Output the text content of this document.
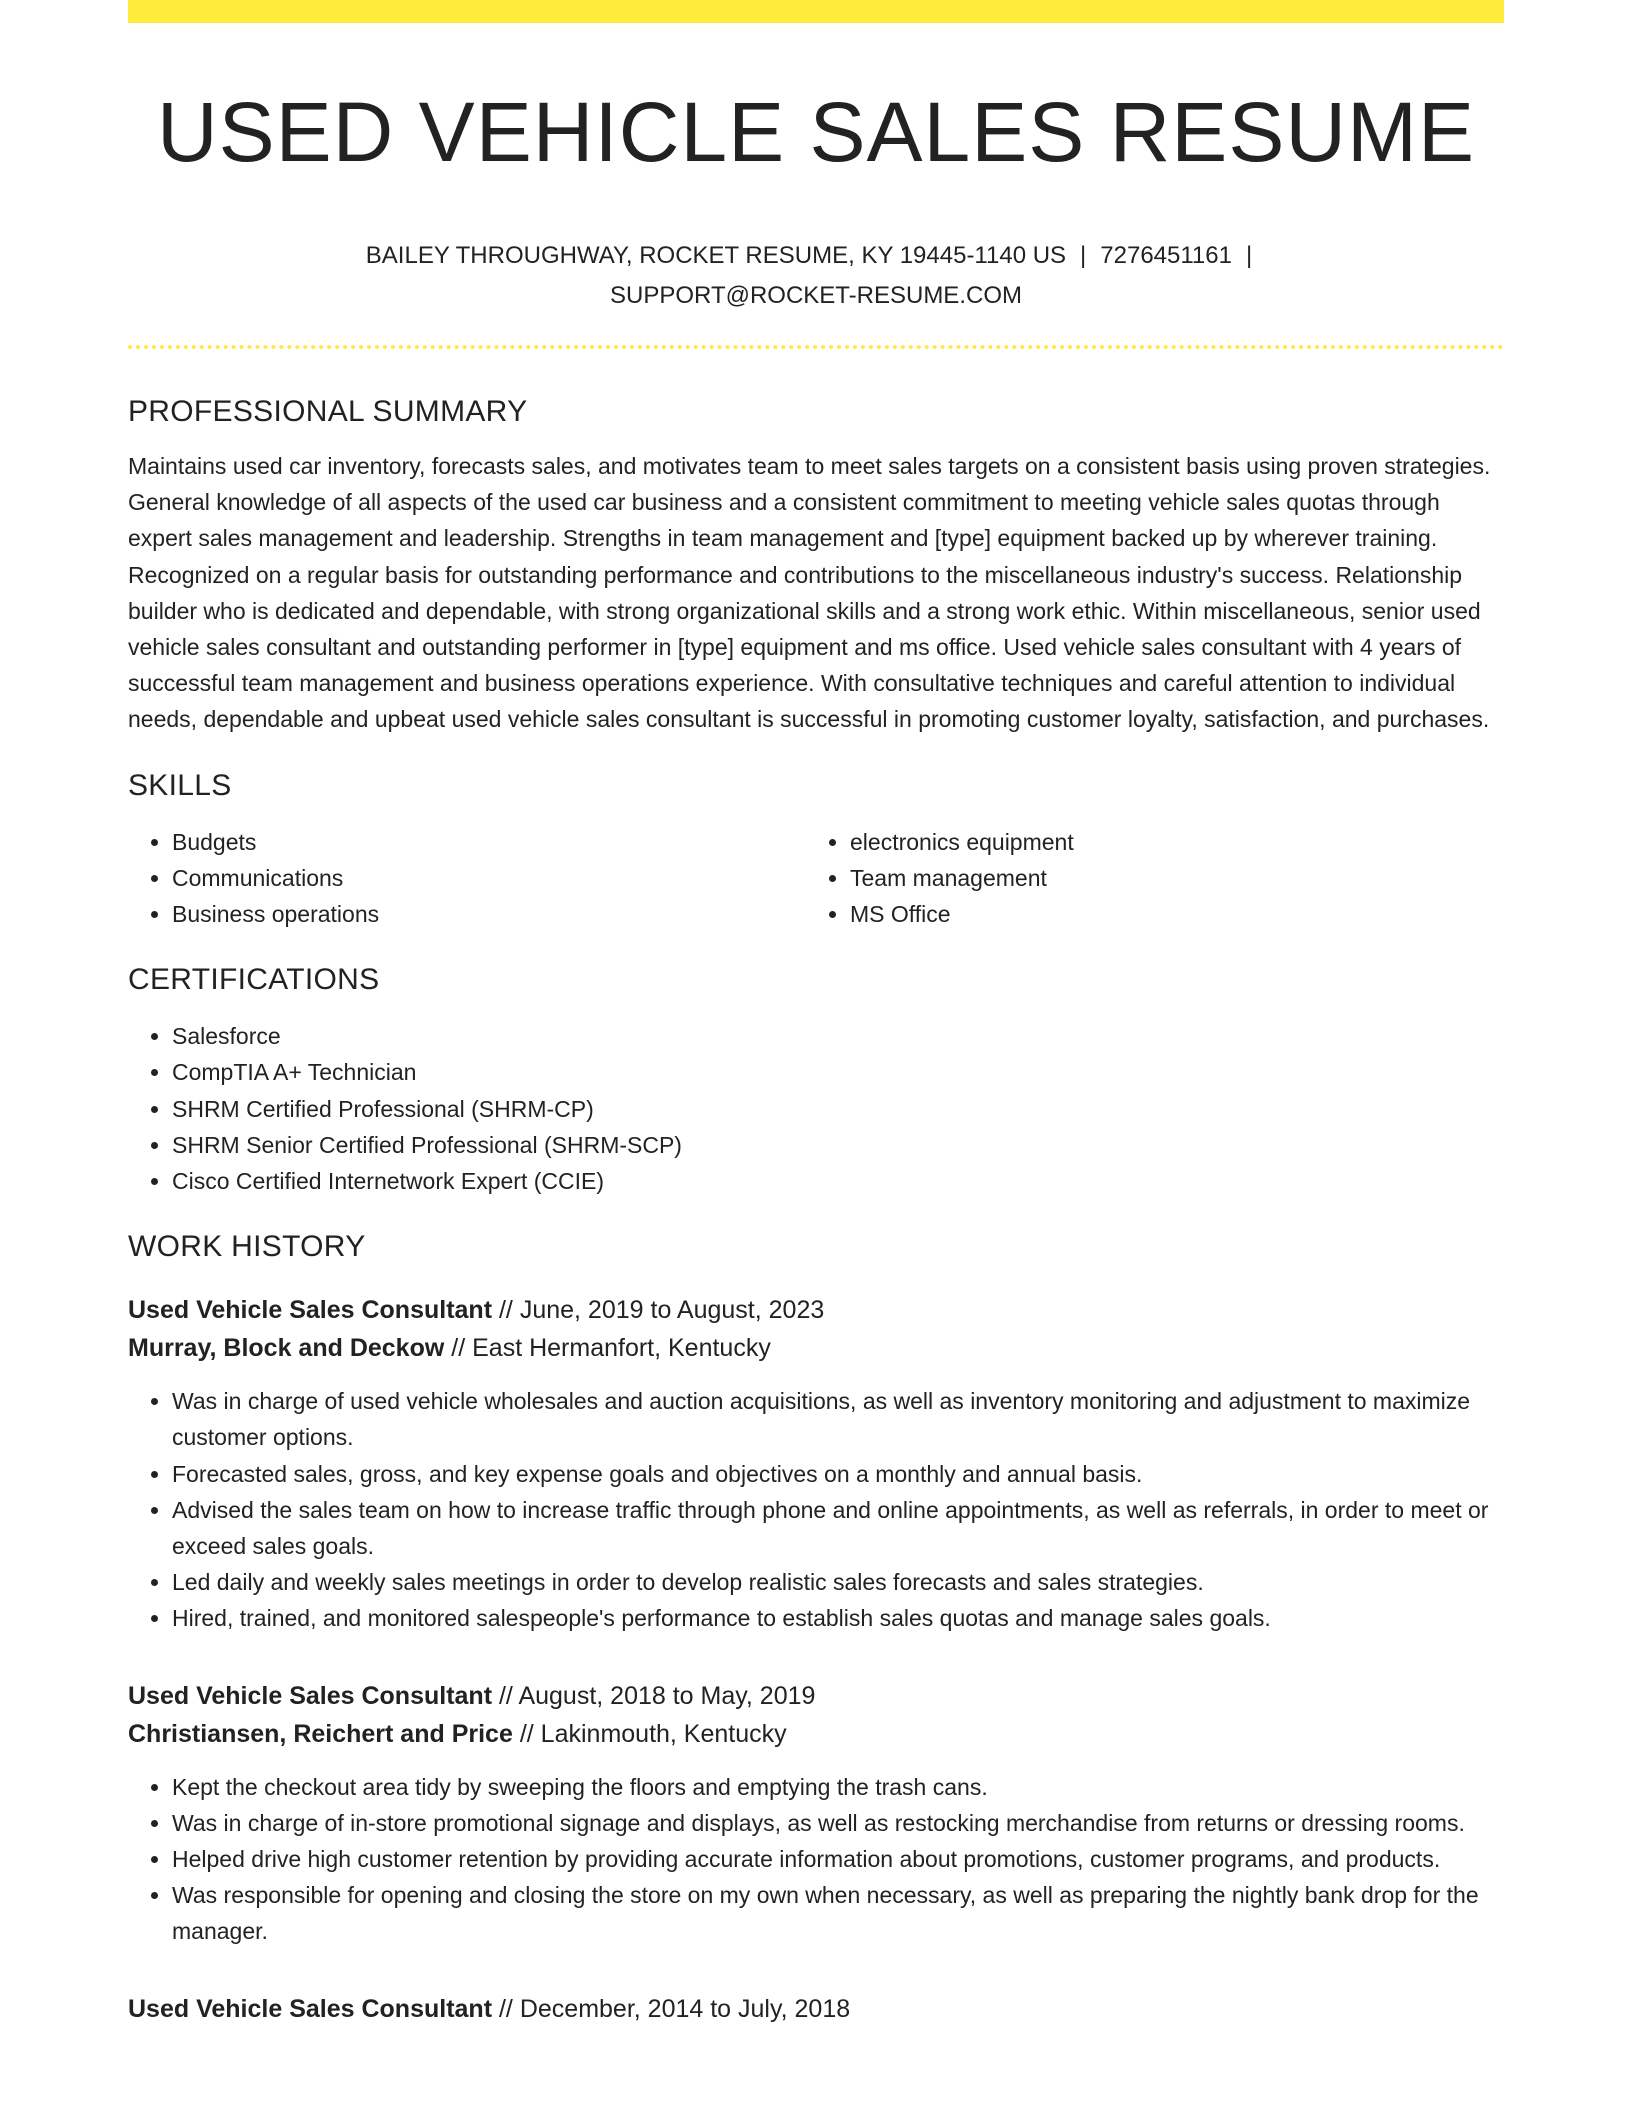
USED VEHICLE SALES RESUME
BAILEY THROUGHWAY, ROCKET RESUME, KY 19445-1140 US | 7276451161 |
SUPPORT@ROCKET-RESUME.COM
PROFESSIONAL SUMMARY

Maintains used car inventory, forecasts sales, and motivates team to meet sales targets on a consistent basis using proven strategies. General knowledge of all aspects of the used car business and a consistent commitment to meeting vehicle sales quotas through expert sales management and leadership. Strengths in team management and [type] equipment backed up by wherever training. Recognized on a regular basis for outstanding performance and contributions to the miscellaneous industry's success. Relationship builder who is dedicated and dependable, with strong organizational skills and a strong work ethic. Within miscellaneous, senior used vehicle sales consultant and outstanding performer in [type] equipment and ms office. Used vehicle sales consultant with 4 years of successful team management and business operations experience. With consultative techniques and careful attention to individual needs, dependable and upbeat used vehicle sales consultant is successful in promoting customer loyalty, satisfaction, and purchases.

SKILLS
• Budgets
• Communications
• Business operations
• electronics equipment
• Team management
• MS Office
CERTIFICATIONS
• Salesforce
• CompTIA A+ Technician
• SHRM Certified Professional (SHRM-CP)
• SHRM Senior Certified Professional (SHRM-SCP)
• Cisco Certified Internetwork Expert (CCIE)
WORK HISTORY
Used Vehicle Sales Consultant // June, 2019 to August, 2023
Murray, Block and Deckow // East Hermanfort, Kentucky
• Was in charge of used vehicle wholesales and auction acquisitions, as well as inventory monitoring and adjustment to maximize customer options.
• Forecasted sales, gross, and key expense goals and objectives on a monthly and annual basis.
• Advised the sales team on how to increase traffic through phone and online appointments, as well as referrals, in order to meet or exceed sales goals.
• Led daily and weekly sales meetings in order to develop realistic sales forecasts and sales strategies.
• Hired, trained, and monitored salespeople's performance to establish sales quotas and manage sales goals.
Used Vehicle Sales Consultant // August, 2018 to May, 2019
Christiansen, Reichert and Price // Lakinmouth, Kentucky
• Kept the checkout area tidy by sweeping the floors and emptying the trash cans.
• Was in charge of in-store promotional signage and displays, as well as restocking merchandise from returns or dressing rooms.
• Helped drive high customer retention by providing accurate information about promotions, customer programs, and products.
• Was responsible for opening and closing the store on my own when necessary, as well as preparing the nightly bank drop for the manager.
Used Vehicle Sales Consultant // December, 2014 to July, 2018
